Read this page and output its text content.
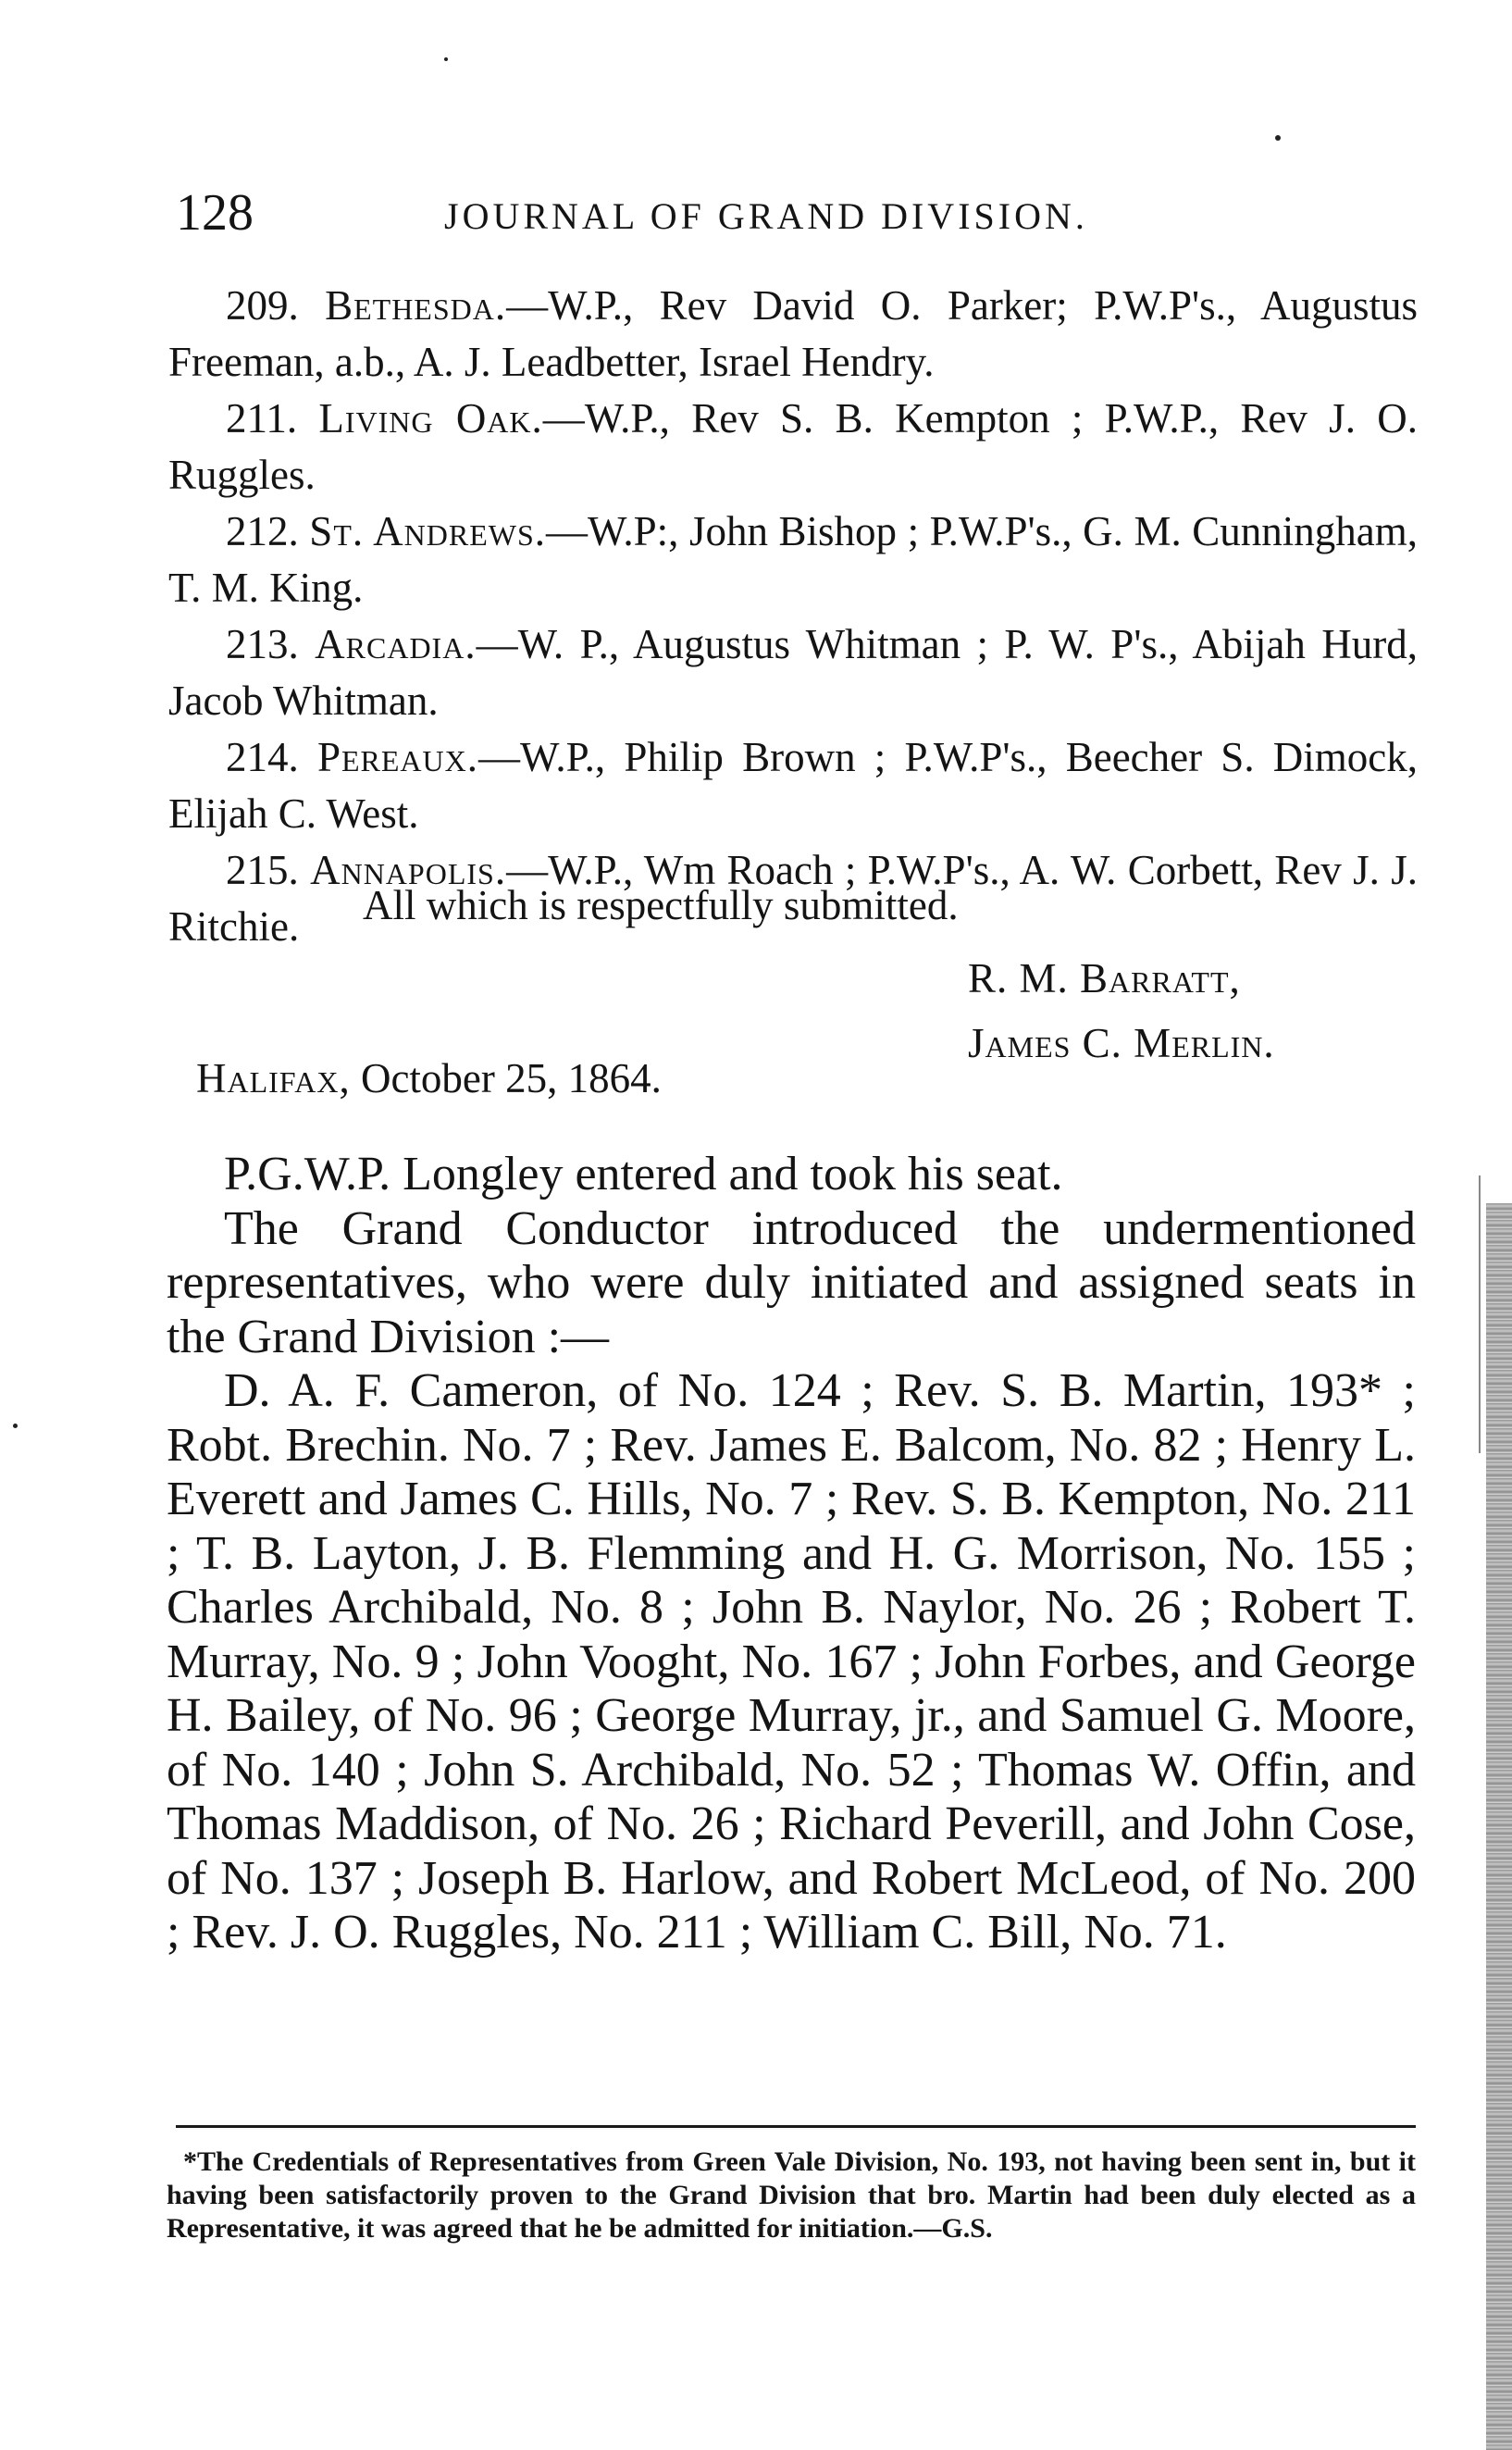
128	JOURNAL OF GRAND DIVISION.

209. Bethesda.—W.P., Rev David O. Parker; P.W.P's., Augustus Freeman, a.b., A. J. Leadbetter, Israel Hendry.

211. Living Oak.—W.P., Rev S. B. Kempton ; P.W.P., Rev J. O. Ruggles.

212. St. Andrews.—W.P:, John Bishop ; P.W.P's., G. M. Cunningham, T. M. King.

213. Arcadia.—W. P., Augustus Whitman ; P. W. P's., Abijah Hurd, Jacob Whitman.

214. Pereaux.—W.P., Philip Brown ; P.W.P's., Beecher S. Dimock, Elijah C. West.

215. Annapolis.—W.P., Wm Roach ; P.W.P's., A. W. Corbett, Rev J. J. Ritchie.	All which is respectfully submitted.
R. M. Barratt,
James C. Merlin.
Halifax, October 25, 1864.

P.G.W.P. Longley entered and took his seat.

The Grand Conductor introduced the undermentioned representatives, who were duly initiated and assigned seats in the Grand Division :—

D. A. F. Cameron, of No. 124 ; Rev. S. B. Martin, 193* ; Robt. Brechin. No. 7 ; Rev. James E. Balcom, No. 82 ; Henry L. Everett and James C. Hills, No. 7 ; Rev. S. B. Kempton, No. 211 ; T. B. Layton, J. B. Flemming and H. G. Morrison, No. 155 ; Charles Archibald, No. 8 ; John B. Naylor, No. 26 ; Robert T. Murray, No. 9 ; John Vooght, No. 167 ; John Forbes, and George H. Bailey, of No. 96 ; George Murray, jr., and Samuel G. Moore, of No. 140 ; John S. Archibald, No. 52 ; Thomas W. Offin, and Thomas Maddison, of No. 26 ; Richard Peverill, and John Cose, of No. 137 ; Joseph B. Harlow, and Robert McLeod, of No. 200 ; Rev. J. O. Ruggles, No. 211 ; William C. Bill, No. 71.

*The Credentials of Representatives from Green Vale Division, No. 193, not having been sent in, but it having been satisfactorily proven to the Grand Division that bro. Martin had been duly elected as a Representative, it was agreed that he be admitted for initiation.—G.S.
